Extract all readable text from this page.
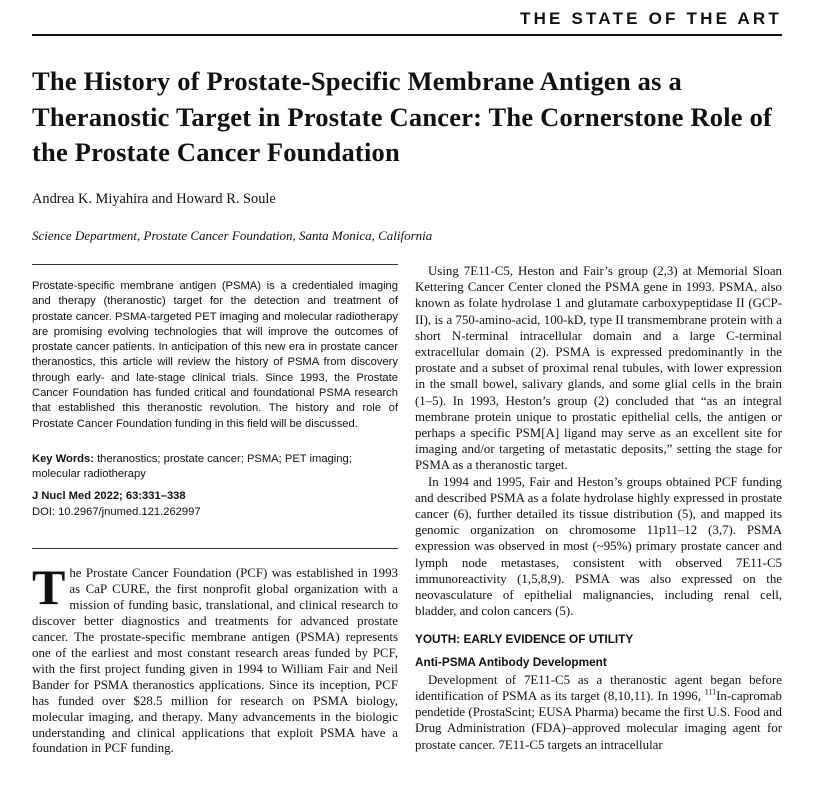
THE STATE OF THE ART
The History of Prostate-Specific Membrane Antigen as a Theranostic Target in Prostate Cancer: The Cornerstone Role of the Prostate Cancer Foundation
Andrea K. Miyahira and Howard R. Soule
Science Department, Prostate Cancer Foundation, Santa Monica, California
Prostate-specific membrane antigen (PSMA) is a credentialed imaging and therapy (theranostic) target for the detection and treatment of prostate cancer. PSMA-targeted PET imaging and molecular radiotherapy are promising evolving technologies that will improve the outcomes of prostate cancer patients. In anticipation of this new era in prostate cancer theranostics, this article will review the history of PSMA from discovery through early- and late-stage clinical trials. Since 1993, the Prostate Cancer Foundation has funded critical and foundational PSMA research that established this theranostic revolution. The history and role of Prostate Cancer Foundation funding in this field will be discussed.
Key Words: theranostics; prostate cancer; PSMA; PET imaging; molecular radiotherapy
J Nucl Med 2022; 63:331–338
DOI: 10.2967/jnumed.121.262997
The Prostate Cancer Foundation (PCF) was established in 1993 as CaP CURE, the first nonprofit global organization with a mission of funding basic, translational, and clinical research to discover better diagnostics and treatments for advanced prostate cancer. The prostate-specific membrane antigen (PSMA) represents one of the earliest and most constant research areas funded by PCF, with the first project funding given in 1994 to William Fair and Neil Bander for PSMA theranostics applications. Since its inception, PCF has funded over $28.5 million for research on PSMA biology, molecular imaging, and therapy. Many advancements in the biologic understanding and clinical applications that exploit PSMA have a foundation in PCF funding.

Using 7E11-C5, Heston and Fair’s group (2,3) at Memorial Sloan Kettering Cancer Center cloned the PSMA gene in 1993. PSMA, also known as folate hydrolase 1 and glutamate carboxypeptidase II (GCP-II), is a 750-amino-acid, 100-kD, type II transmembrane protein with a short N-terminal intracellular domain and a large C-terminal extracellular domain (2). PSMA is expressed predominantly in the prostate and a subset of proximal renal tubules, with lower expression in the small bowel, salivary glands, and some glial cells in the brain (1–5). In 1993, Heston’s group (2) concluded that “as an integral membrane protein unique to prostatic epithelial cells, the antigen or perhaps a specific PSM[A] ligand may serve as an excellent site for imaging and/or targeting of metastatic deposits,” setting the stage for PSMA as a theranostic target.

In 1994 and 1995, Fair and Heston’s groups obtained PCF funding and described PSMA as a folate hydrolase highly expressed in prostate cancer (6), further detailed its tissue distribution (5), and mapped its genomic organization on chromosome 11p11–12 (3,7). PSMA expression was observed in most (~95%) primary prostate cancer and lymph node metastases, consistent with observed 7E11-C5 immunoreactivity (1,5,8,9). PSMA was also expressed on the neovasculature of epithelial malignancies, including renal cell, bladder, and colon cancers (5).

YOUTH: EARLY EVIDENCE OF UTILITY
Anti-PSMA Antibody Development

Development of 7E11-C5 as a theranostic agent began before identification of PSMA as its target (8,10,11). In 1996, $^{111}$In-capromab pendetide (ProstaScint; EUSA Pharma) became the first U.S. Food and Drug Administration (FDA)–approved molecular imaging agent for prostate cancer. 7E11-C5 targets an intracellular
